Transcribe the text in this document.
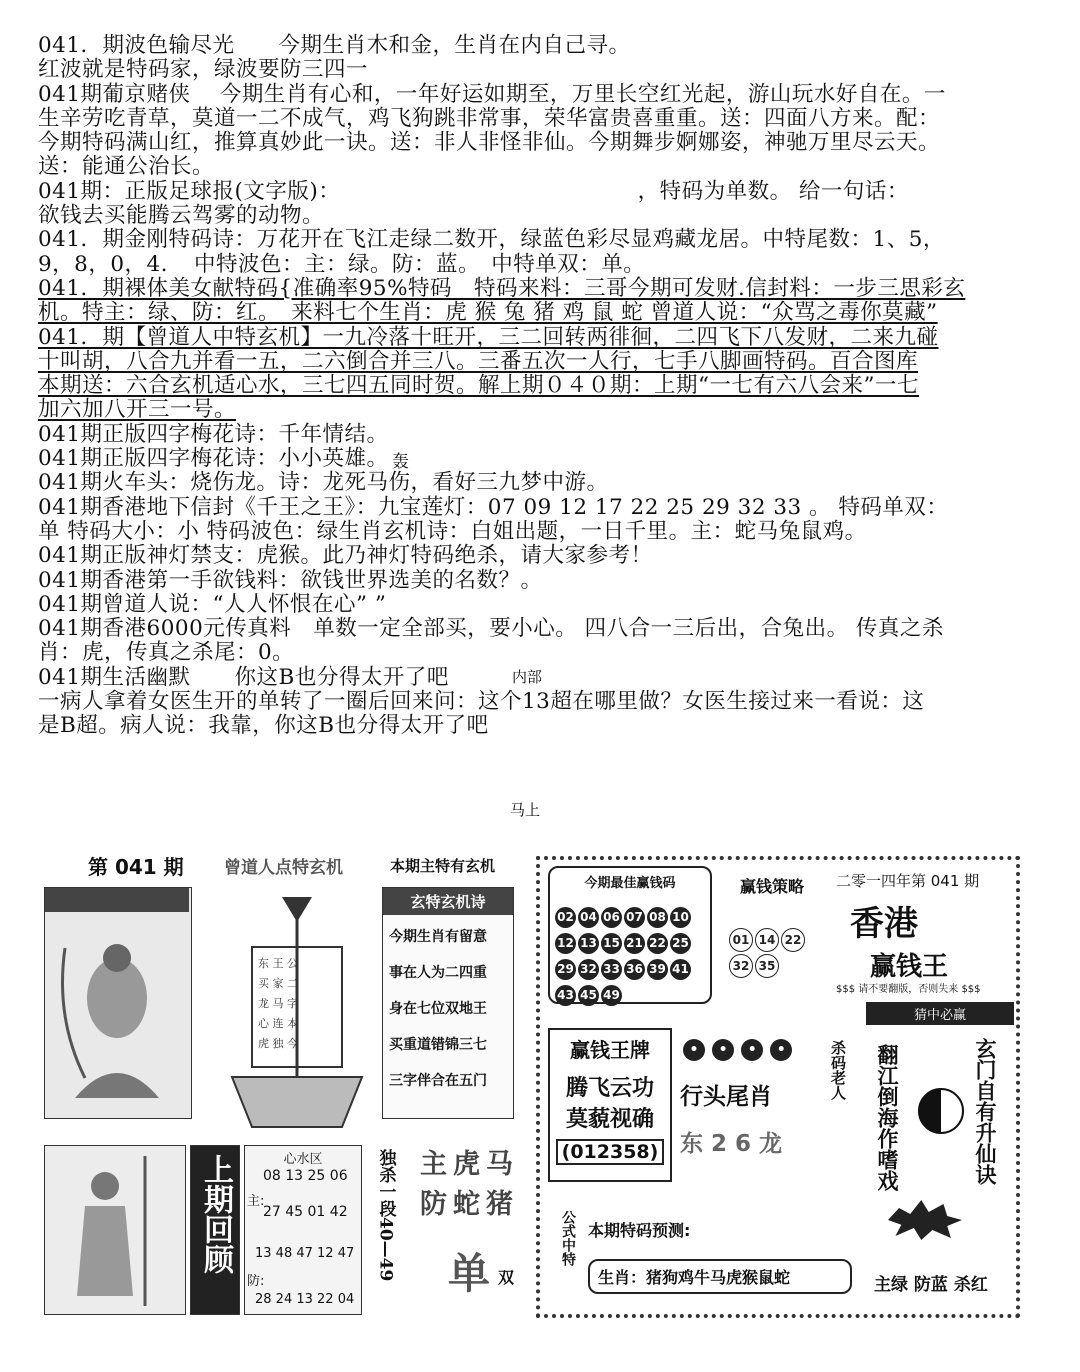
041．期波色输尽光　　今期生肖木和金，生肖在内自己寻。
红波就是特码家，绿波要防三四一
041期葡京赌侠　 今期生肖有心和，一年好运如期至，万里长空红光起，游山玩水好自在。一
生辛劳吃青草，莫道一二不成气，鸡飞狗跳非常事，荣华富贵喜重重。送：四面八方来。配：
今期特码满山红，推算真妙此一诀。送：非人非怪非仙。今期舞步婀娜姿，神驰万里尽云天。
送：能通公治长。
041期：正版足球报(文字版)：　　　　　　　　　　　　　　，特码为单数。 给一句话：
欲钱去买能腾云驾雾的动物。
041．期金刚特码诗：万花开在飞江走绿二数开，绿蓝色彩尽显鸡藏龙居。中特尾数：1、5，
9，8，0，4．　中特波色：主：绿。防：蓝。　中特单双：单。
041．期裸体美女献特码{准确率95%特码　特码来料：三哥今期可发财.信封料：一步三思彩玄
机。特主：绿、防：红。　来料七个生肖：虎 猴 兔 猪 鸡 鼠 蛇 曾道人说：“众骂之毒你莫藏”
041．期【曾道人中特玄机】一九冷落十旺开，三二回转两徘徊，二四飞下八发财，二来九碰
十叫胡，八合九并看一五，二六倒合并三八。三番五次一人行，七手八脚画特码。百合图库
本期送：六合玄机适心水，三七四五同时贺。解上期０４０期：上期“一七有六八会来”一七
加六加八开三一号。
041期正版四字梅花诗：千年情结。
041期正版四字梅花诗：小小英雄。
041期火车头：烧伤龙。诗：龙死马伤，看好三九梦中游。
041期香港地下信封《千王之王》：九宝莲灯：07 09 12 17 22 25 29 32 33 。 特码单双：
单 特码大小：小 特码波色：绿生肖玄机诗：白姐出题，一日千里。主：蛇马兔鼠鸡。
041期正版神灯禁支：虎猴。此乃神灯特码绝杀，请大家参考！
041期香港第一手欲钱料：欲钱世界选美的名数？。
041期曾道人说：“人人怀恨在心” ”
041期香港6000元传真料　单数一定全部买，要小心。 四八合一三后出，合兔出。 传真之杀
肖：虎，传真之杀尾：0。
041期生活幽默　　你这B也分得太开了吧
一病人拿着女医生开的单转了一圈后回来问：这个13超在哪里做？女医生接过来一看说：这
是B超。病人说：我靠，你这B也分得太开了吧
轰
内部
马上
第 041 期 曾道人点特玄机	本期主特有玄机
东 王 公
买 家 二
龙 马 字
心 连 本
虎 独 今
玄特玄机诗
今期生肖有留意
事在人为二四重
身在七位双地王
买重道错锦三七
三字伴合在五门
上期回顾	心水区
主:
08 13 25 06
27 45 01 42
13 48 47 12 47
防:
28 24 13 22 04
独杀一段40—49 主虎马防蛇猪
单 双
今期最佳赢钱码
02 04 06 07 08 1012 13 15 21 22 2529 32 33 36 39 4143 45 49
赢钱策略
01 14 2232 35
二零一四年第 041 期
香港
赢钱王
$$$ 请不要翻版，否则失来 $$$
猜中必赢
赢钱王牌
腾飞云功
莫藐视确
(012358)
• • • •
行头尾肖
东 2 6 龙
杀码老人 翻江倒海作嗜戏	玄门自有升仙诀
公式中特 本期特码预测:
生肖：猪狗鸡牛马虎猴鼠蛇	主绿 防蓝 杀红
